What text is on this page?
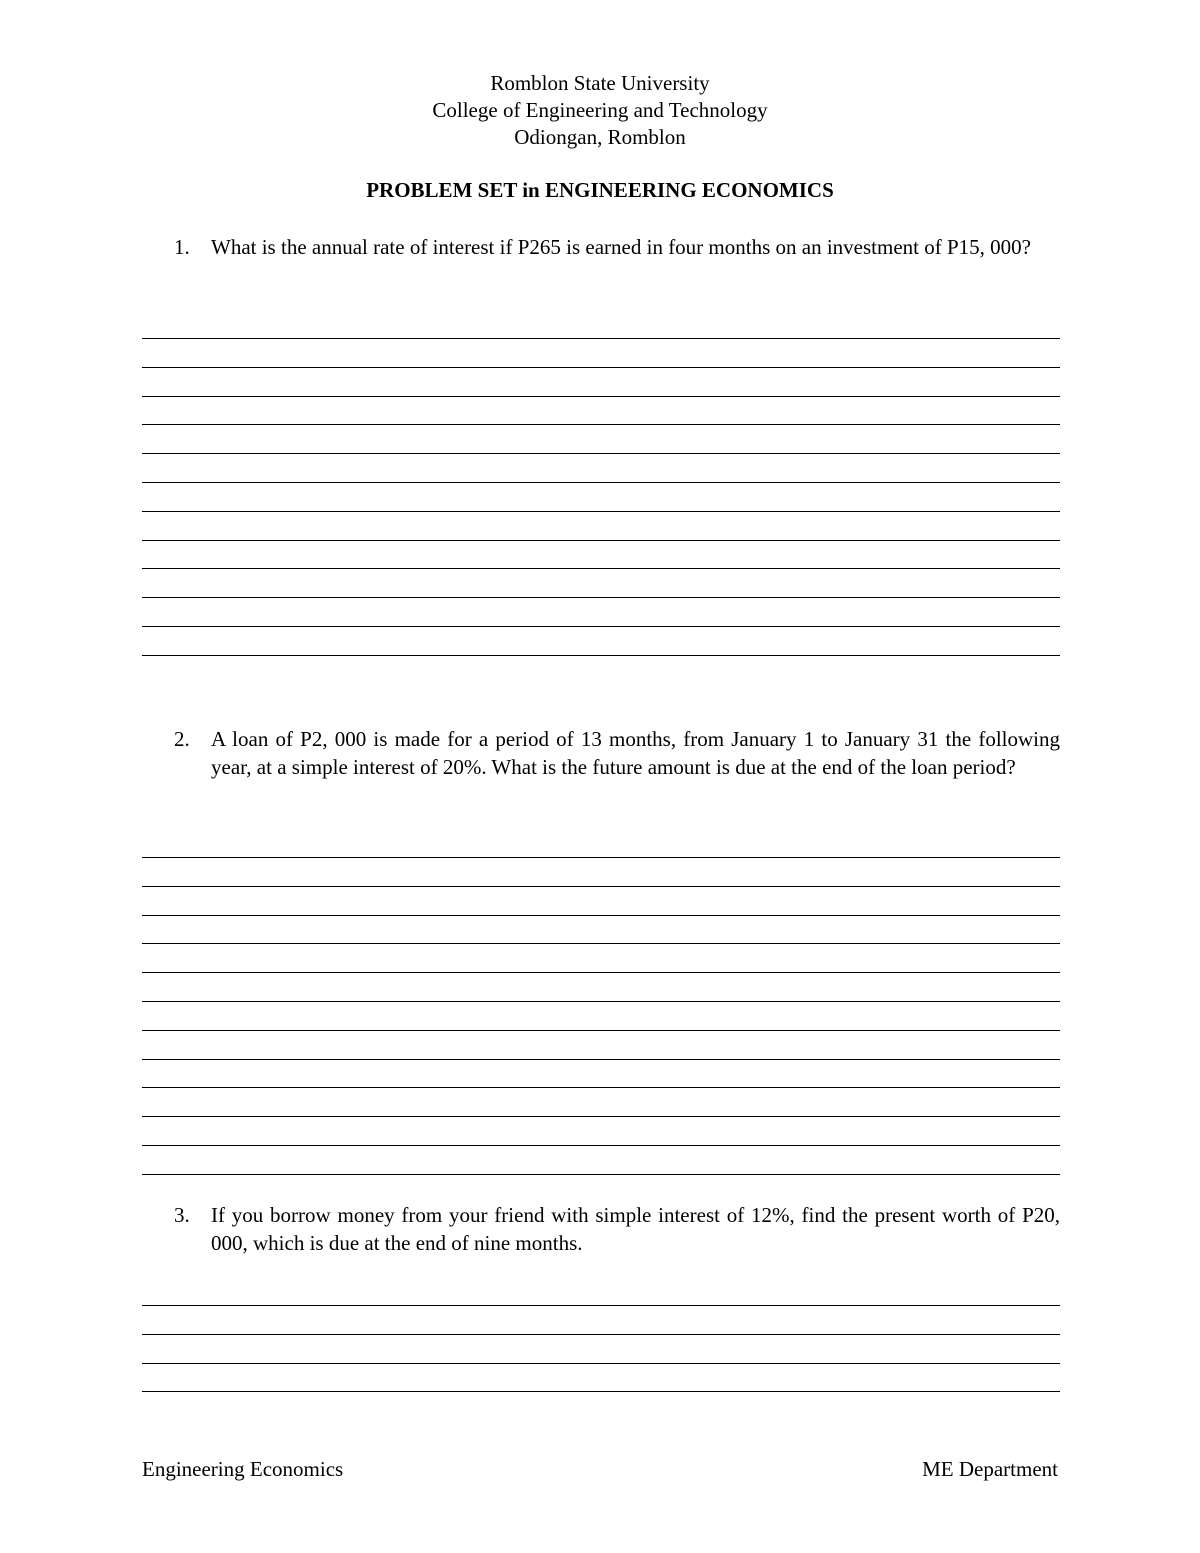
Romblon State University
College of Engineering and Technology
Odiongan, Romblon
PROBLEM SET in ENGINEERING ECONOMICS
1. What is the annual rate of interest if P265 is earned in four months on an investment of P15, 000?
2. A loan of P2, 000 is made for a period of 13 months, from January 1 to January 31 the following year, at a simple interest of 20%. What is the future amount is due at the end of the loan period?
3. If you borrow money from your friend with simple interest of 12%, find the present worth of P20, 000, which is due at the end of nine months.
Engineering Economics	ME Department
